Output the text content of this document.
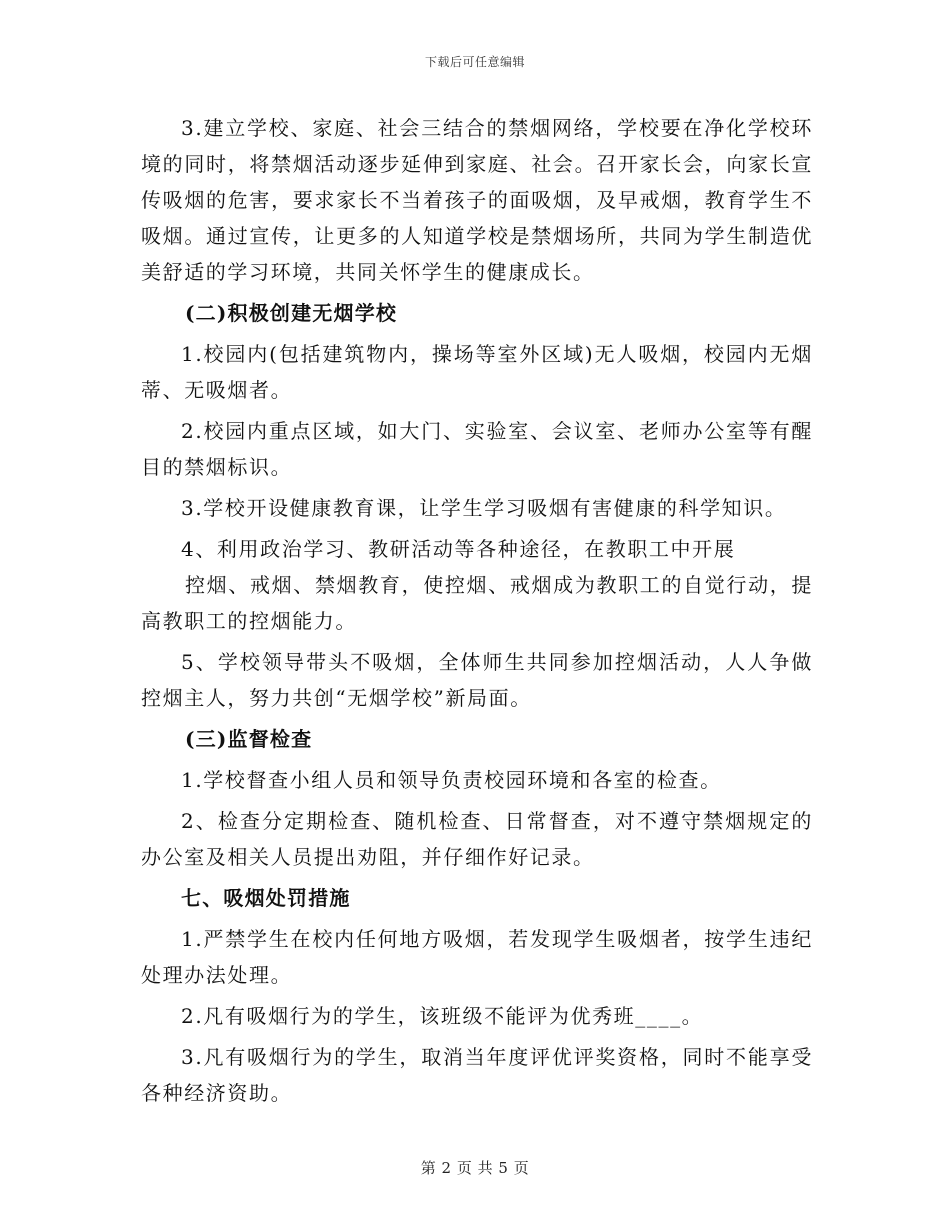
下载后可任意编辑

3.建立学校、家庭、社会三结合的禁烟网络，学校要在净化学校环境的同时，将禁烟活动逐步延伸到家庭、社会。召开家长会，向家长宣传吸烟的危害，要求家长不当着孩子的面吸烟，及早戒烟，教育学生不吸烟。通过宣传，让更多的人知道学校是禁烟场所，共同为学生制造优美舒适的学习环境，共同关怀学生的健康成长。

(二)积极创建无烟学校

1.校园内(包括建筑物内，操场等室外区域)无人吸烟，校园内无烟蒂、无吸烟者。

2.校园内重点区域，如大门、实验室、会议室、老师办公室等有醒目的禁烟标识。

3.学校开设健康教育课，让学生学习吸烟有害健康的科学知识。

4、利用政治学习、教研活动等各种途径，在教职工中开展

控烟、戒烟、禁烟教育，使控烟、戒烟成为教职工的自觉行动，提高教职工的控烟能力。

5、学校领导带头不吸烟，全体师生共同参加控烟活动，人人争做控烟主人，努力共创“无烟学校”新局面。

(三)监督检查

1.学校督查小组人员和领导负责校园环境和各室的检查。

2、检查分定期检查、随机检查、日常督查，对不遵守禁烟规定的办公室及相关人员提出劝阻，并仔细作好记录。

七、吸烟处罚措施

1.严禁学生在校内任何地方吸烟，若发现学生吸烟者，按学生违纪处理办法处理。

2.凡有吸烟行为的学生，该班级不能评为优秀班____。

3.凡有吸烟行为的学生，取消当年度评优评奖资格，同时不能享受各种经济资助。

第 2 页 共 5 页
